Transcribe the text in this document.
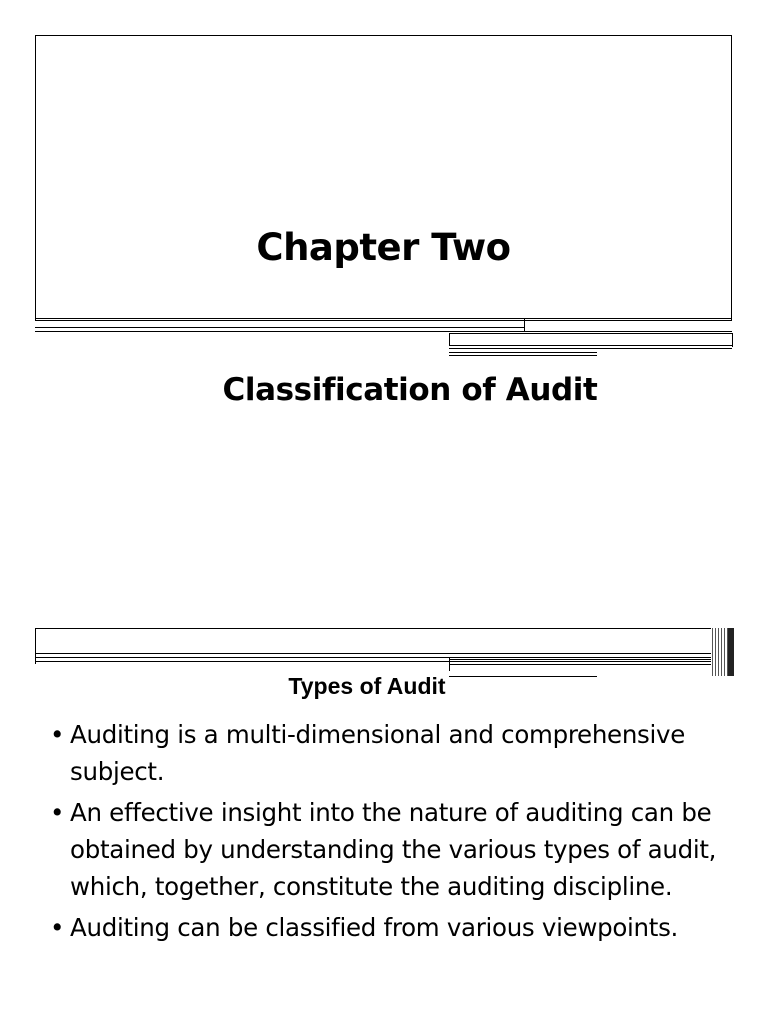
Chapter Two
Classification of Audit
Types of Audit
• Auditing is a multi-dimensional and comprehensive subject.
• An effective insight into the nature of auditing can be obtained by understanding the various types of audit, which, together, constitute the auditing discipline.
• Auditing can be classified from various viewpoints.
